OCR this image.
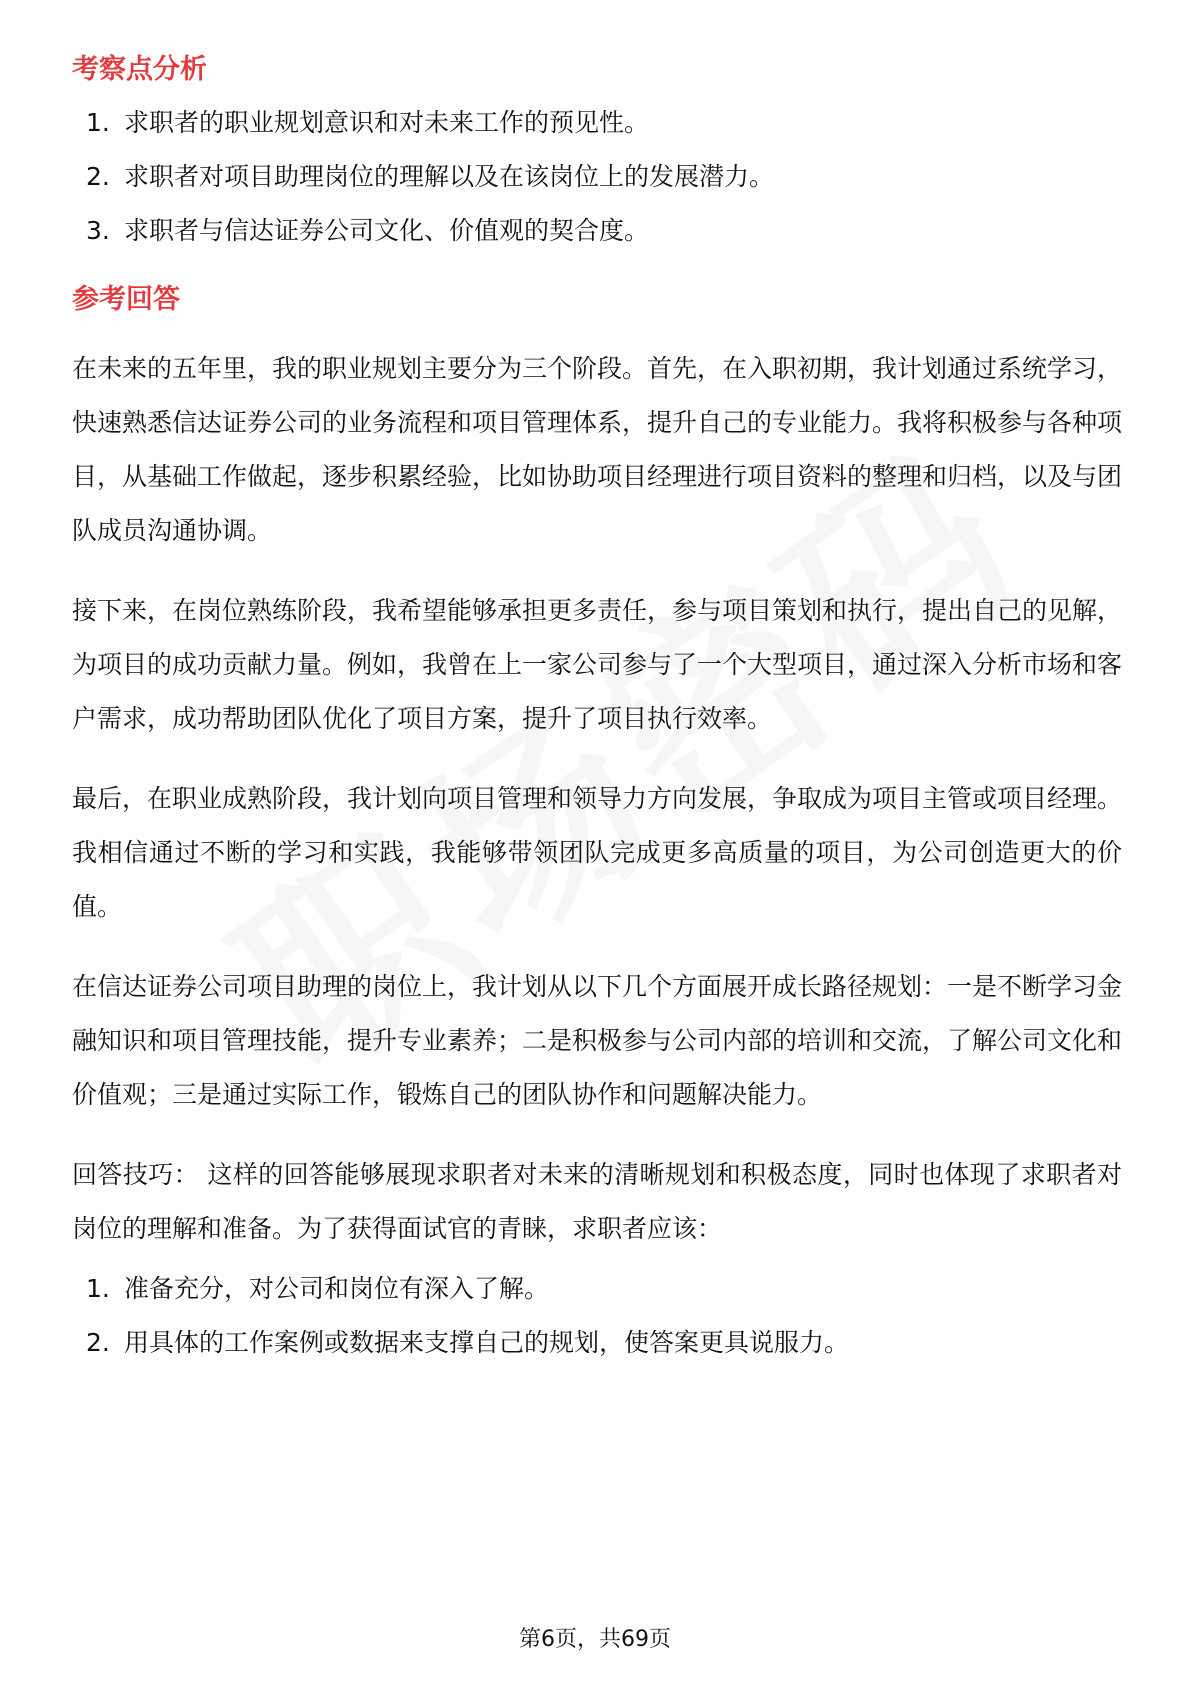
考察点分析
1. 求职者的职业规划意识和对未来工作的预见性。
2. 求职者对项目助理岗位的理解以及在该岗位上的发展潜力。
3. 求职者与信达证券公司文化、价值观的契合度。
参考回答

在未来的五年里，我的职业规划主要分为三个阶段。首先，在入职初期，我计划通过系统学习，快速熟悉信达证券公司的业务流程和项目管理体系，提升自己的专业能力。我将积极参与各种项目，从基础工作做起，逐步积累经验，比如协助项目经理进行项目资料的整理和归档，以及与团队成员沟通协调。

接下来，在岗位熟练阶段，我希望能够承担更多责任，参与项目策划和执行，提出自己的见解，为项目的成功贡献力量。例如，我曾在上一家公司参与了一个大型项目，通过深入分析市场和客户需求，成功帮助团队优化了项目方案，提升了项目执行效率。

最后，在职业成熟阶段，我计划向项目管理和领导力方向发展，争取成为项目主管或项目经理。我相信通过不断的学习和实践，我能够带领团队完成更多高质量的项目，为公司创造更大的价值。

在信达证券公司项目助理的岗位上，我计划从以下几个方面展开成长路径规划：一是不断学习金融知识和项目管理技能，提升专业素养；二是积极参与公司内部的培训和交流，了解公司文化和价值观；三是通过实际工作，锻炼自己的团队协作和问题解决能力。

回答技巧： 这样的回答能够展现求职者对未来的清晰规划和积极态度，同时也体现了求职者对岗位的理解和准备。为了获得面试官的青睐，求职者应该：

1. 准备充分，对公司和岗位有深入了解。
2. 用具体的工作案例或数据来支撑自己的规划，使答案更具说服力。
第6页，共69页
